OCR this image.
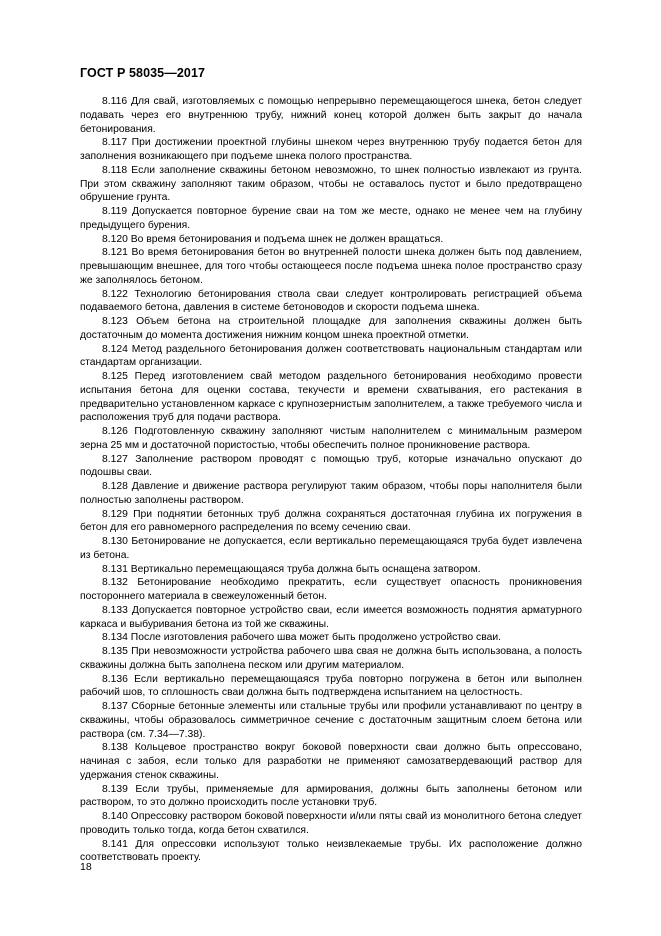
ГОСТ Р 58035—2017

8.116 Для свай, изготовляемых с помощью непрерывно перемещающегося шнека, бетон следует подавать через его внутреннюю трубу, нижний конец которой должен быть закрыт до начала бетонирования.

8.117 При достижении проектной глубины шнеком через внутреннюю трубу подается бетон для заполнения возникающего при подъеме шнека полого пространства.

8.118 Если заполнение скважины бетоном невозможно, то шнек полностью извлекают из грунта. При этом скважину заполняют таким образом, чтобы не оставалось пустот и было предотвращено обрушение грунта.

8.119 Допускается повторное бурение сваи на том же месте, однако не менее чем на глубину предыдущего бурения.

8.120 Во время бетонирования и подъема шнек не должен вращаться.

8.121 Во время бетонирования бетон во внутренней полости шнека должен быть под давлением, превышающим внешнее, для того чтобы остающееся после подъема шнека полое пространство сразу же заполнялось бетоном.

8.122 Технологию бетонирования ствола сваи следует контролировать регистрацией объема подаваемого бетона, давления в системе бетоноводов и скорости подъема шнека.

8.123 Объем бетона на строительной площадке для заполнения скважины должен быть достаточным до момента достижения нижним концом шнека проектной отметки.

8.124 Метод раздельного бетонирования должен соответствовать национальным стандартам или стандартам организации.

8.125 Перед изготовлением свай методом раздельного бетонирования необходимо провести испытания бетона для оценки состава, текучести и времени схватывания, его растекания в предварительно установленном каркасе с крупнозернистым заполнителем, а также требуемого числа и расположения труб для подачи раствора.

8.126 Подготовленную скважину заполняют чистым наполнителем с минимальным размером зерна 25 мм и достаточной пористостью, чтобы обеспечить полное проникновение раствора.

8.127 Заполнение раствором проводят с помощью труб, которые изначально опускают до подошвы сваи.

8.128 Давление и движение раствора регулируют таким образом, чтобы поры наполнителя были полностью заполнены раствором.

8.129 При поднятии бетонных труб должна сохраняться достаточная глубина их погружения в бетон для его равномерного распределения по всему сечению сваи.

8.130 Бетонирование не допускается, если вертикально перемещающаяся труба будет извлечена из бетона.

8.131 Вертикально перемещающаяся труба должна быть оснащена затвором.

8.132 Бетонирование необходимо прекратить, если существует опасность проникновения постороннего материала в свежеуложенный бетон.

8.133 Допускается повторное устройство сваи, если имеется возможность поднятия арматурного каркаса и выбуривания бетона из той же скважины.

8.134 После изготовления рабочего шва может быть продолжено устройство сваи.

8.135 При невозможности устройства рабочего шва свая не должна быть использована, а полость скважины должна быть заполнена песком или другим материалом.

8.136 Если вертикально перемещающаяся труба повторно погружена в бетон или выполнен рабочий шов, то сплошность сваи должна быть подтверждена испытанием на целостность.

8.137 Сборные бетонные элементы или стальные трубы или профили устанавливают по центру в скважины, чтобы образовалось симметричное сечение с достаточным защитным слоем бетона или раствора (см. 7.34—7.38).

8.138 Кольцевое пространство вокруг боковой поверхности сваи должно быть опрессовано, начиная с забоя, если только для разработки не применяют самозатвердевающий раствор для удержания стенок скважины.

8.139 Если трубы, применяемые для армирования, должны быть заполнены бетоном или раствором, то это должно происходить после установки труб.

8.140 Опрессовку раствором боковой поверхности и/или пяты свай из монолитного бетона следует проводить только тогда, когда бетон схватился.

8.141 Для опрессовки используют только неизвлекаемые трубы. Их расположение должно соответствовать проекту.

18
